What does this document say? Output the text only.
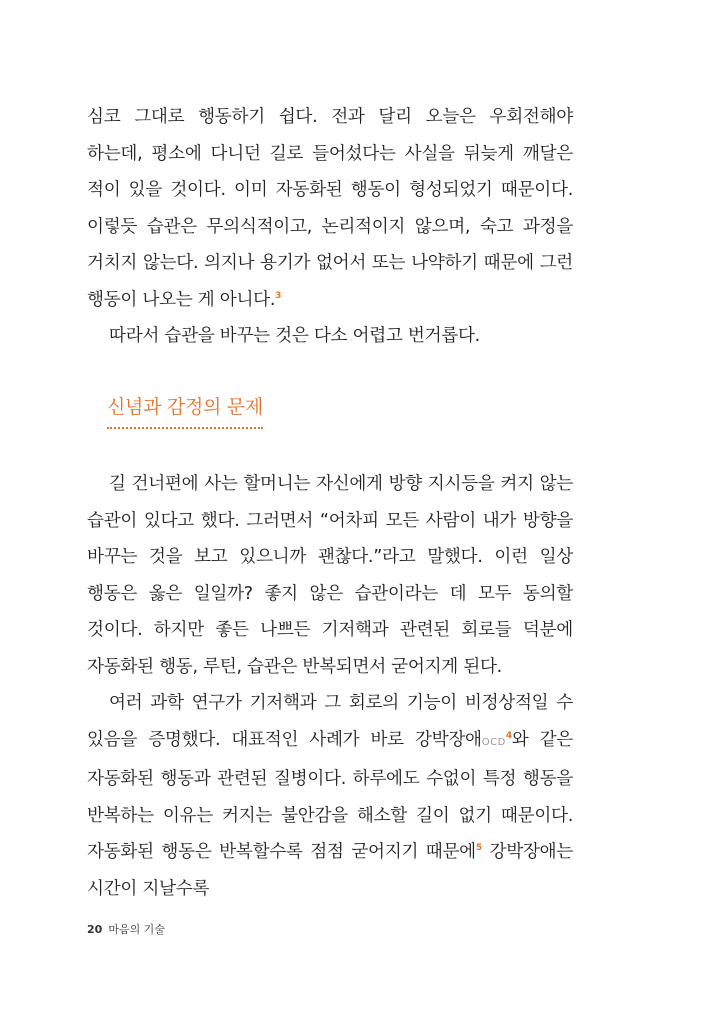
심코 그대로 행동하기 쉽다. 전과 달리 오늘은 우회전해야 하는데, 평소에 다니던 길로 들어섰다는 사실을 뒤늦게 깨달은 적이 있을 것이다. 이미 자동화된 행동이 형성되었기 때문이다. 이렇듯 습관은 무의식적이고, 논리적이지 않으며, 숙고 과정을 거치지 않는다. 의지나 용기가 없어서 또는 나약하기 때문에 그런 행동이 나오는 게 아니다.$^3$

따라서 습관을 바꾸는 것은 다소 어렵고 번거롭다.

신념과 감정의 문제

길 건너편에 사는 할머니는 자신에게 방향 지시등을 켜지 않는 습관이 있다고 했다. 그러면서 “어차피 모든 사람이 내가 방향을 바꾸는 것을 보고 있으니까 괜찮다.”라고 말했다. 이런 일상 행동은 옳은 일일까? 좋지 않은 습관이라는 데 모두 동의할 것이다. 하지만 좋든 나쁘든 기저핵과 관련된 회로들 덕분에 자동화된 행동, 루틴, 습관은 반복되면서 굳어지게 된다.

여러 과학 연구가 기저핵과 그 회로의 기능이 비정상적일 수 있음을 증명했다. 대표적인 사례가 바로 강박장애OCD$^4$와 같은 자동화된 행동과 관련된 질병이다. 하루에도 수없이 특정 행동을 반복하는 이유는 커지는 불안감을 해소할 길이 없기 때문이다. 자동화된 행동은 반복할수록 점점 굳어지기 때문에$^5$ 강박장애는 시간이 지날수록

20 마음의 기술
